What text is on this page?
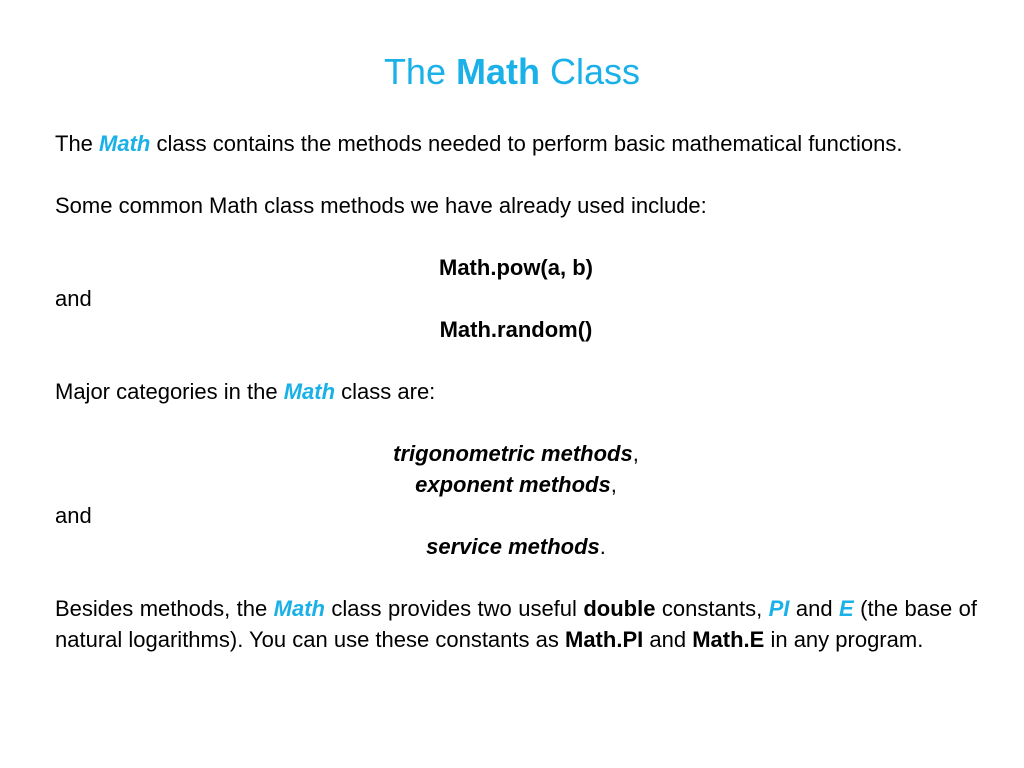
The Math Class

The Math class contains the methods needed to perform basic mathematical functions.

Some common Math class methods we have already used include:

Math.pow(a, b)

and

Math.random()

Major categories in the Math class are:

trigonometric methods,

exponent methods,

and

service methods.

Besides methods, the Math class provides two useful double constants, PI and E (the base of natural logarithms). You can use these constants as Math.PI and Math.E in any program.
